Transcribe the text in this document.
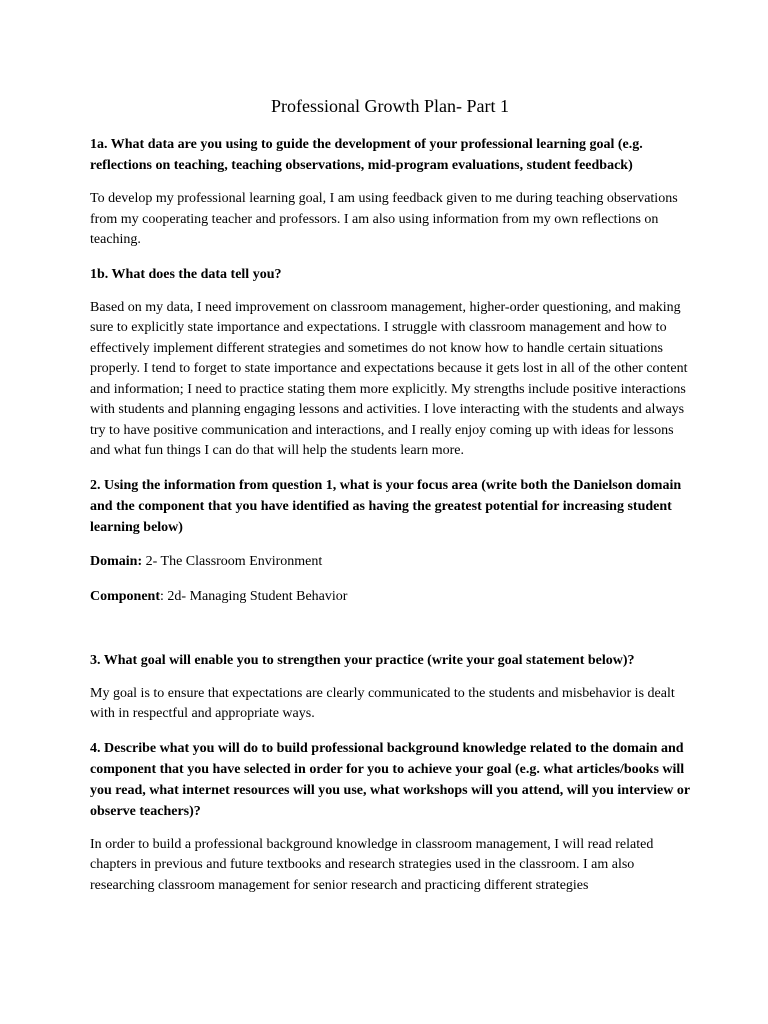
Professional Growth Plan- Part 1

1a. What data are you using to guide the development of your professional learning goal (e.g. reflections on teaching, teaching observations, mid-program evaluations, student feedback)

To develop my professional learning goal, I am using feedback given to me during teaching observations from my cooperating teacher and professors. I am also using information from my own reflections on teaching.

1b. What does the data tell you?

Based on my data, I need improvement on classroom management, higher-order questioning, and making sure to explicitly state importance and expectations. I struggle with classroom management and how to effectively implement different strategies and sometimes do not know how to handle certain situations properly. I tend to forget to state importance and expectations because it gets lost in all of the other content and information; I need to practice stating them more explicitly. My strengths include positive interactions with students and planning engaging lessons and activities. I love interacting with the students and always try to have positive communication and interactions, and I really enjoy coming up with ideas for lessons and what fun things I can do that will help the students learn more.

2. Using the information from question 1, what is your focus area (write both the Danielson domain and the component that you have identified as having the greatest potential for increasing student learning below)

Domain: 2- The Classroom Environment

Component: 2d- Managing Student Behavior

3. What goal will enable you to strengthen your practice (write your goal statement below)?

My goal is to ensure that expectations are clearly communicated to the students and misbehavior is dealt with in respectful and appropriate ways.

4. Describe what you will do to build professional background knowledge related to the domain and component that you have selected in order for you to achieve your goal (e.g. what articles/books will you read, what internet resources will you use, what workshops will you attend, will you interview or observe teachers)?

In order to build a professional background knowledge in classroom management, I will read related chapters in previous and future textbooks and research strategies used in the classroom. I am also researching classroom management for senior research and practicing different strategies
